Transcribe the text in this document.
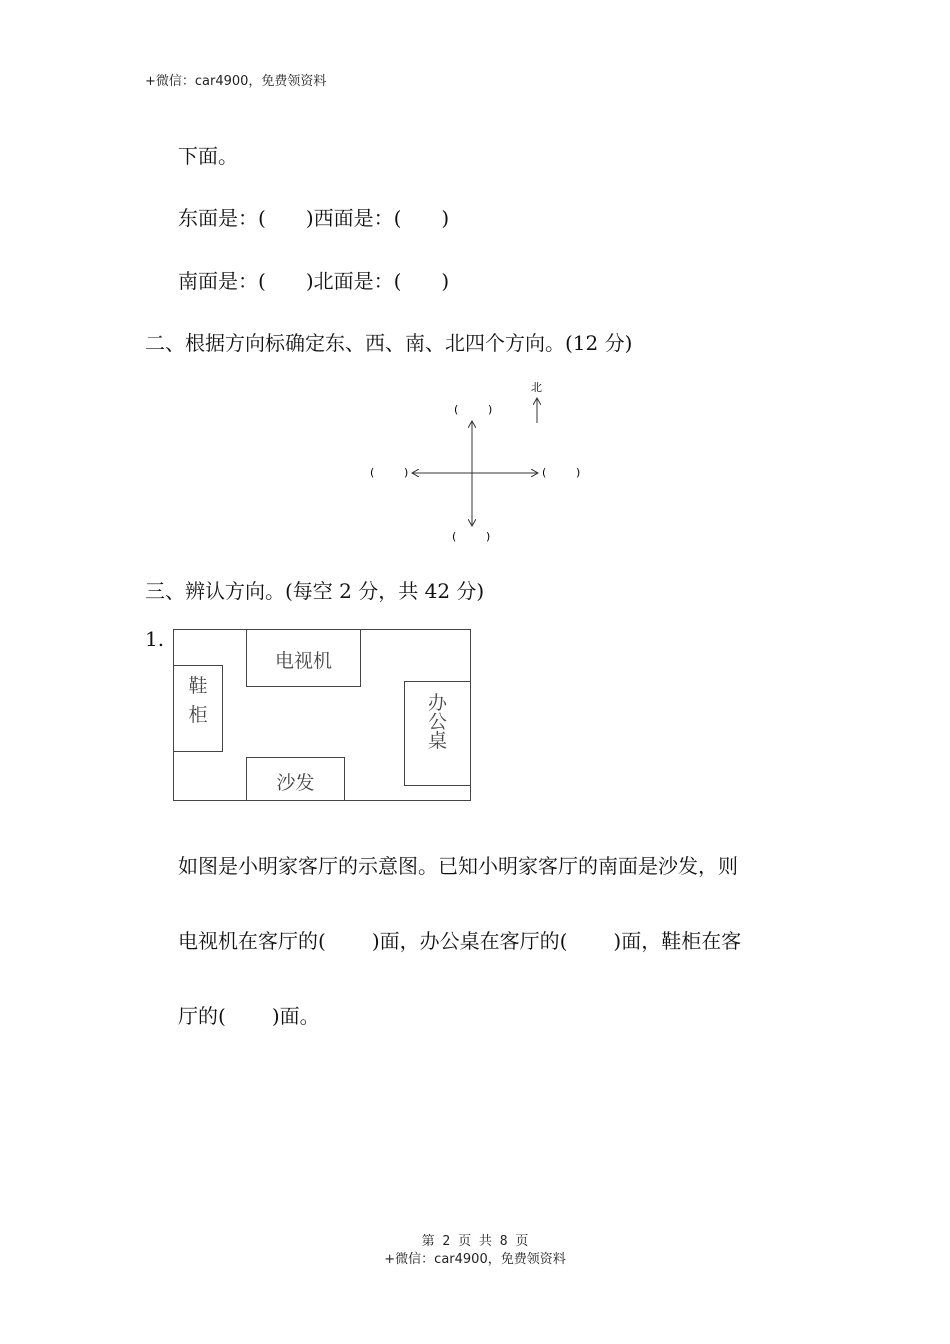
+微信：car4900，免费领资料
下面。
东面是：( )西面是：( )
南面是：( )北面是：( )
二、根据方向标确定东、西、南、北四个方向。(12 分)
北
(	)
(	)	(	)
(	)
三、辨认方向。(每空 2 分，共 42 分)
1.
电视机
鞋
柜
办
公
桌
沙发
如图是小明家客厅的示意图。已知小明家客厅的南面是沙发，则
电视机在客厅的( )面，办公桌在客厅的( )面，鞋柜在客
厅的( )面。
第 2 页 共 8 页
+微信：car4900，免费领资料
